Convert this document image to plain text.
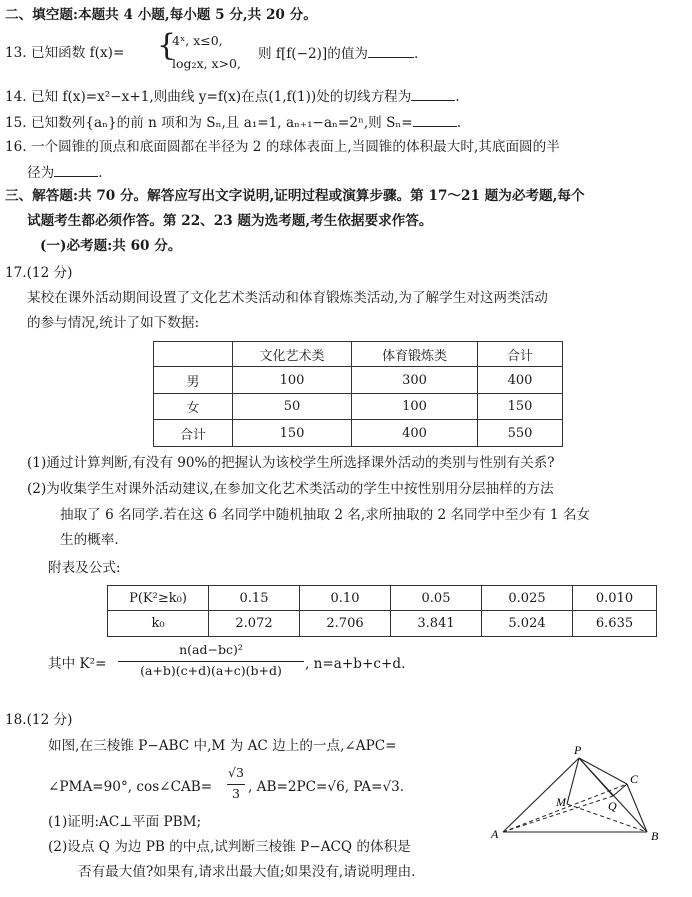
二、填空题:本题共 4 小题,每小题 5 分,共 20 分。
13. 已知函数 f(x)=	{
4ˣ, x≤0,
log₂x, x>0,
则 f[f(−2)]的值为	.
14. 已知 f(x)=x²−x+1,则曲线 y=f(x)在点(1,f(1))处的切线方程为	.
15. 已知数列{aₙ}的前 n 项和为 Sₙ,且 a₁=1, aₙ₊₁−aₙ=2ⁿ,则 Sₙ=	.
16. 一个圆锥的顶点和底面圆都在半径为 2 的球体表面上,当圆锥的体积最大时,其底面圆的半
径为	.
三、解答题:共 70 分。解答应写出文字说明,证明过程或演算步骤。第 17～21 题为必考题,每个
试题考生都必须作答。第 22、23 题为选考题,考生依据要求作答。
(一)必考题:共 60 分。
17.(12 分)
某校在课外活动期间设置了文化艺术类活动和体育锻炼类活动,为了解学生对这两类活动
的参与情况,统计了如下数据:
	文化艺术类	体育锻炼类	合计
男	100	300	400
女	50	100	150
合计	150	400	550
(1)通过计算判断,有没有 90%的把握认为该校学生所选择课外活动的类别与性别有关系?
(2)为收集学生对课外活动建议,在参加文化艺术类活动的学生中按性别用分层抽样的方法
抽取了 6 名同学.若在这 6 名同学中随机抽取 2 名,求所抽取的 2 名同学中至少有 1 名女
生的概率.
附表及公式:
P(K²≥k₀)	0.15	0.10	0.05	0.025	0.010
k₀	2.072	2.706	3.841	5.024	6.635
其中 K²=
n(ad−bc)²
(a+b)(c+d)(a+c)(b+d)	, n=a+b+c+d.
18.(12 分)
如图,在三棱锥 P−ABC 中,M 为 AC 边上的一点,∠APC=
∠PMA=90°, cos∠CAB=
√3
3 , AB=2PC=√6, PA=√3.
(1)证明:AC⊥平面 PBM;
(2)设点 Q 为边 PB 的中点,试判断三棱锥 P−ACQ 的体积是
否有最大值?如果有,请求出最大值;如果没有,请说明理由.
P
C
M	Q
A	B
